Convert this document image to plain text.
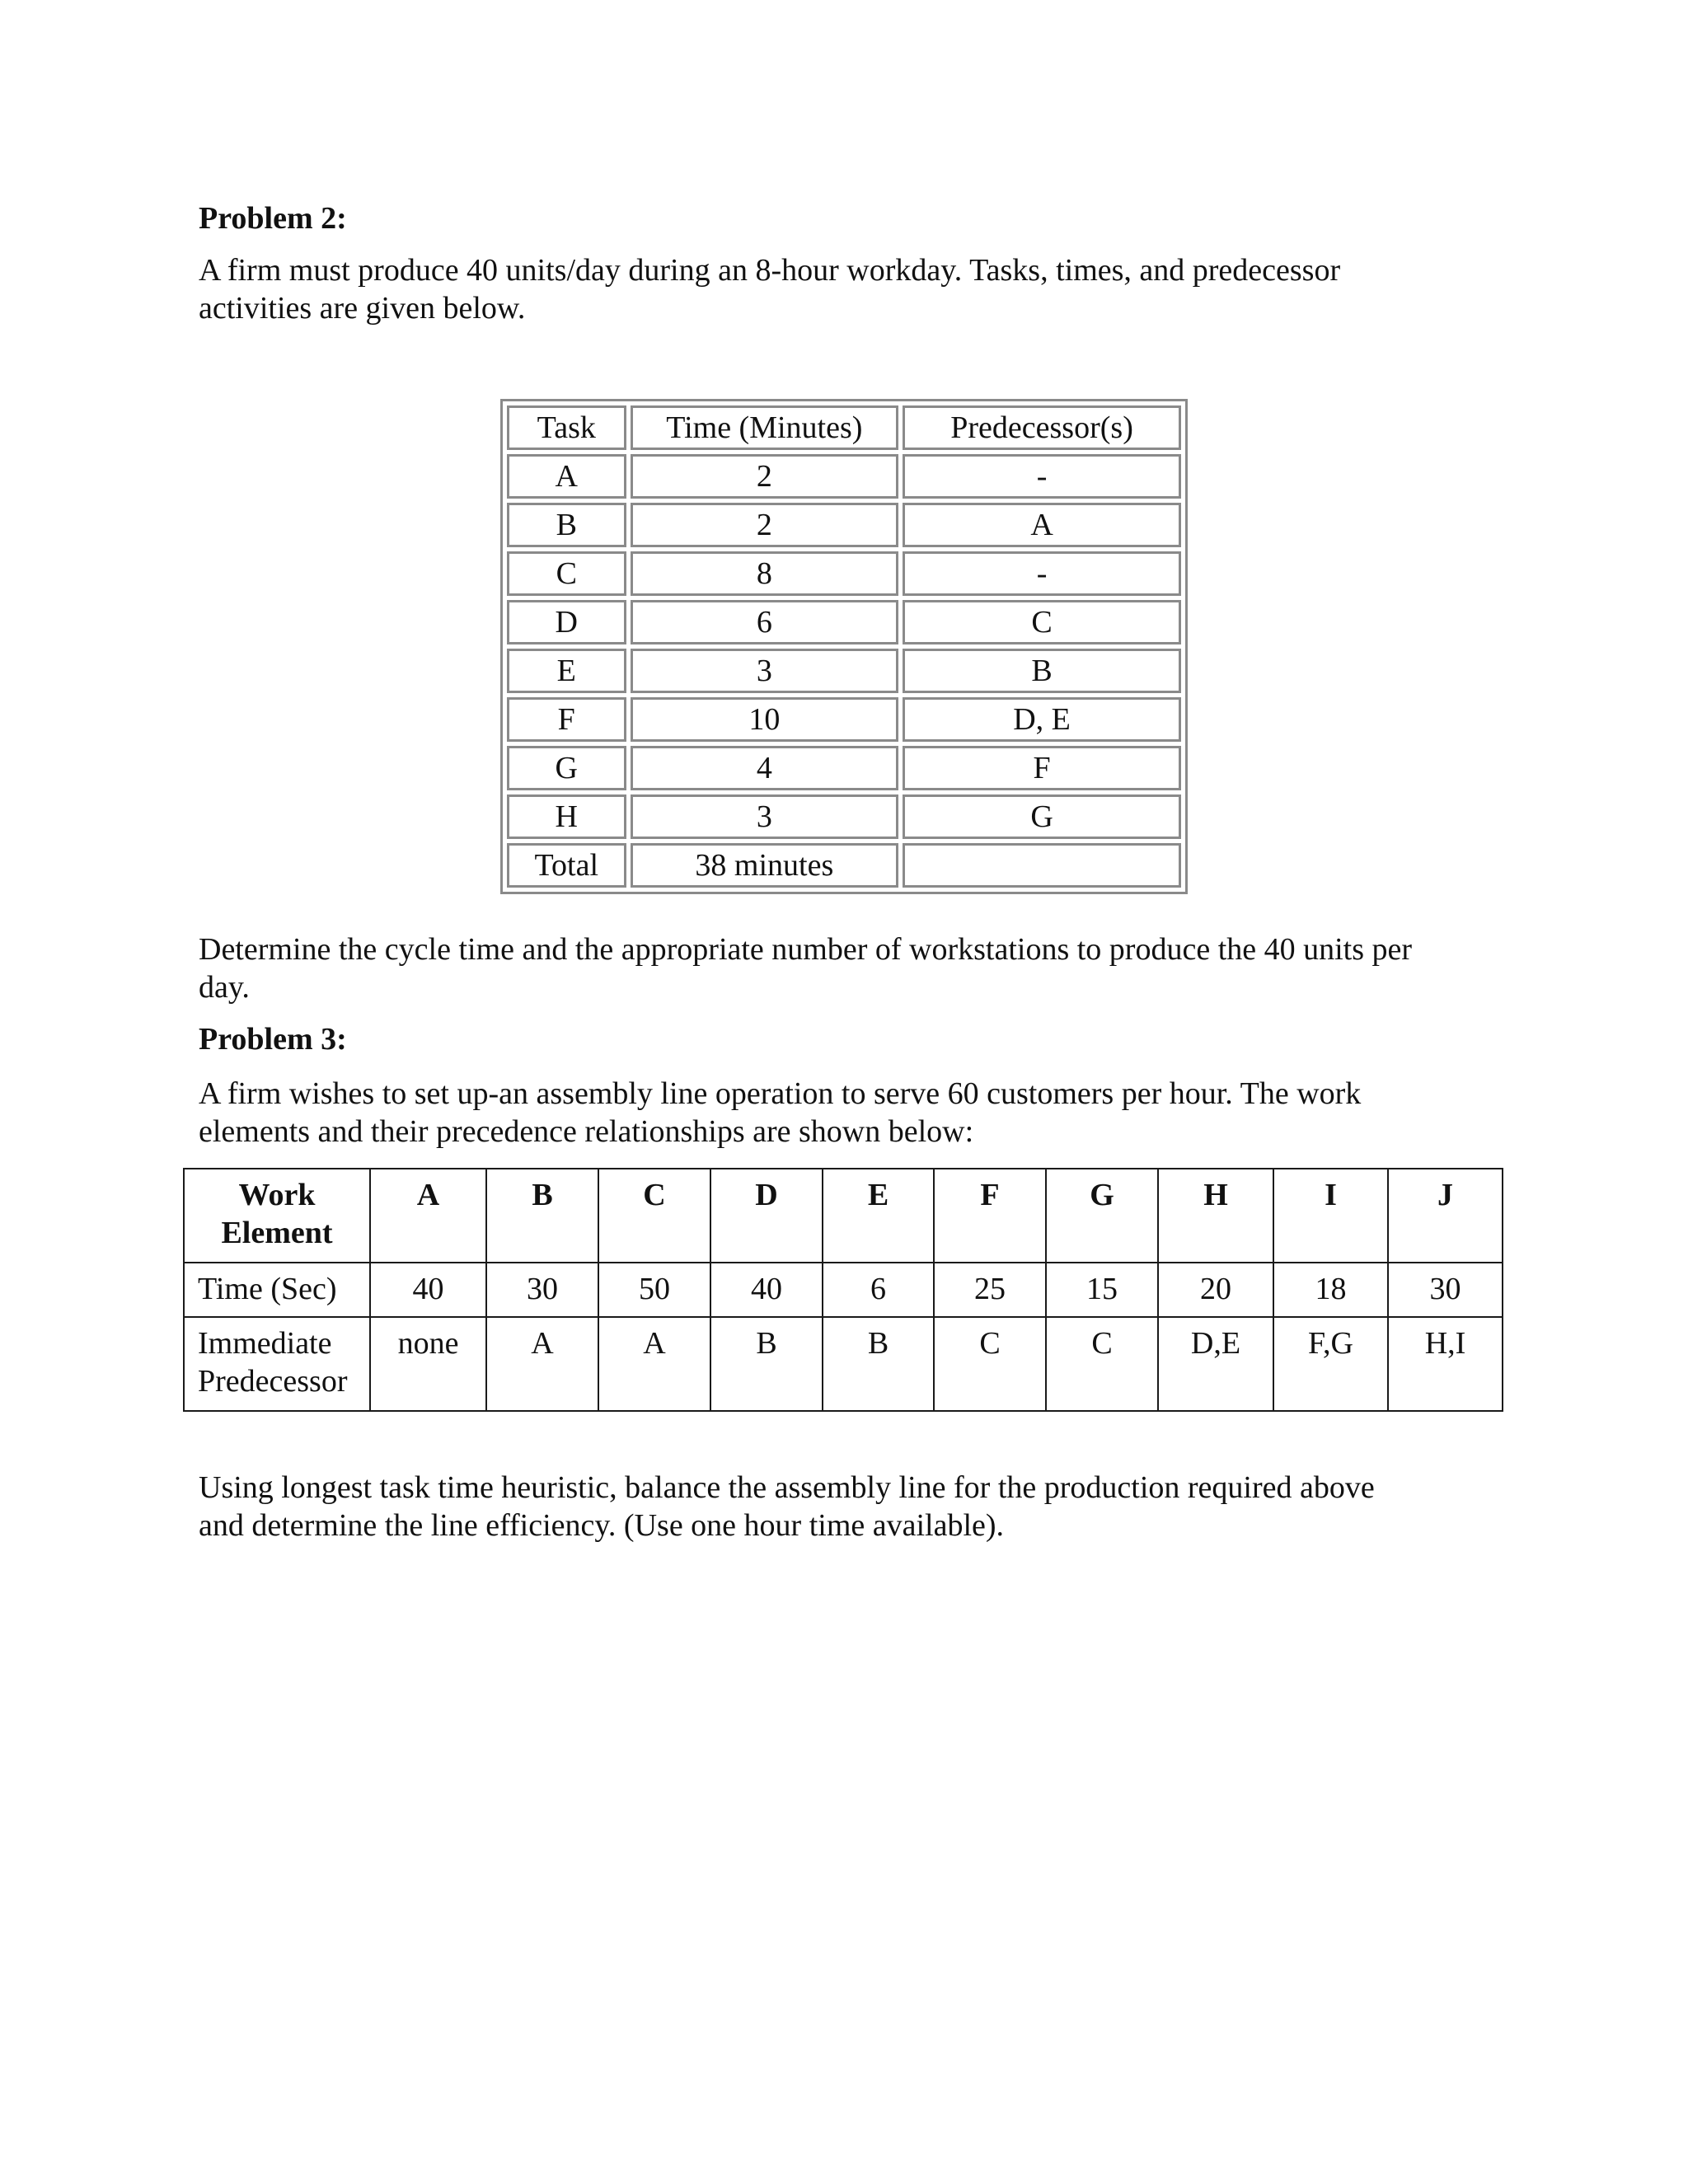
Problem 2:
A firm must produce 40 units/day during an 8-hour workday. Tasks, times, and predecessor
activities are given below.
Task	Time (Minutes)	Predecessor(s)
A	2	-
B	2	A
C	8	-
D	6	C
E	3	B
F	10	D, E
G	4	F
H	3	G
Total	38 minutes	
Determine the cycle time and the appropriate number of workstations to produce the 40 units per
day.
Problem 3:
A firm wishes to set up-an assembly line operation to serve 60 customers per hour. The work
elements and their precedence relationships are shown below:
Work
Element	A	B	C	D	E	F	G	H	I	J
Time (Sec)	40	30	50	40	6	25	15	20	18	30

Immediate
Predecessor	none	A	A	B	B	C	C	D,E	F,G	H,I
Using longest task time heuristic, balance the assembly line for the production required above
and determine the line efficiency. (Use one hour time available).
